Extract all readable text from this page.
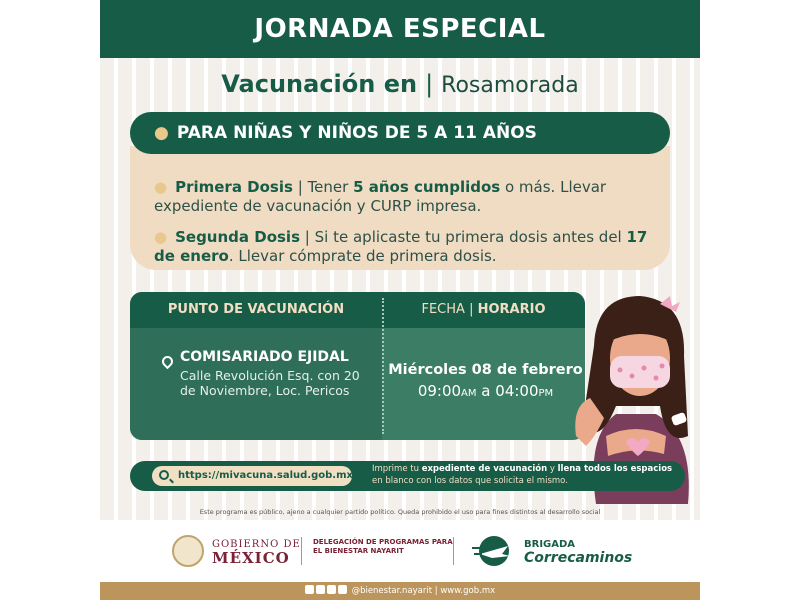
JORNADA ESPECIAL
Vacunación en | Rosamorada
● Primera Dosis | Tener 5 años cumplidos o más. Llevar expediente de vacunación y CURP impresa.
● Segunda Dosis | Si te aplicaste tu primera dosis antes del 17 de enero. Llevar cómprate de primera dosis.
● PARA NIÑAS Y NIÑOS DE 5 A 11 AÑOS
PUNTO DE VACUNACIÓN	FECHA | HORARIO
COMISARIADO EJIDAL
Calle Revolución Esq. con 20 de Noviembre, Loc. Pericos
Miércoles 08 de febrero
09:00AM a 04:00PM
https://mivacuna.salud.gob.mx/
Imprime tu expediente de vacunación y llena todos los espacios en blanco con los datos que solicita el mismo.
Este programa es público, ajeno a cualquier partido político. Queda prohibido el uso para fines distintos al desarrollo social
GOBIERNO DE
MÉXICO
DELEGACIÓN DE PROGRAMAS PARA EL BIENESTAR NAYARIT
BRIGADA
Correcaminos
@bienestar.nayarit | www.gob.mx
